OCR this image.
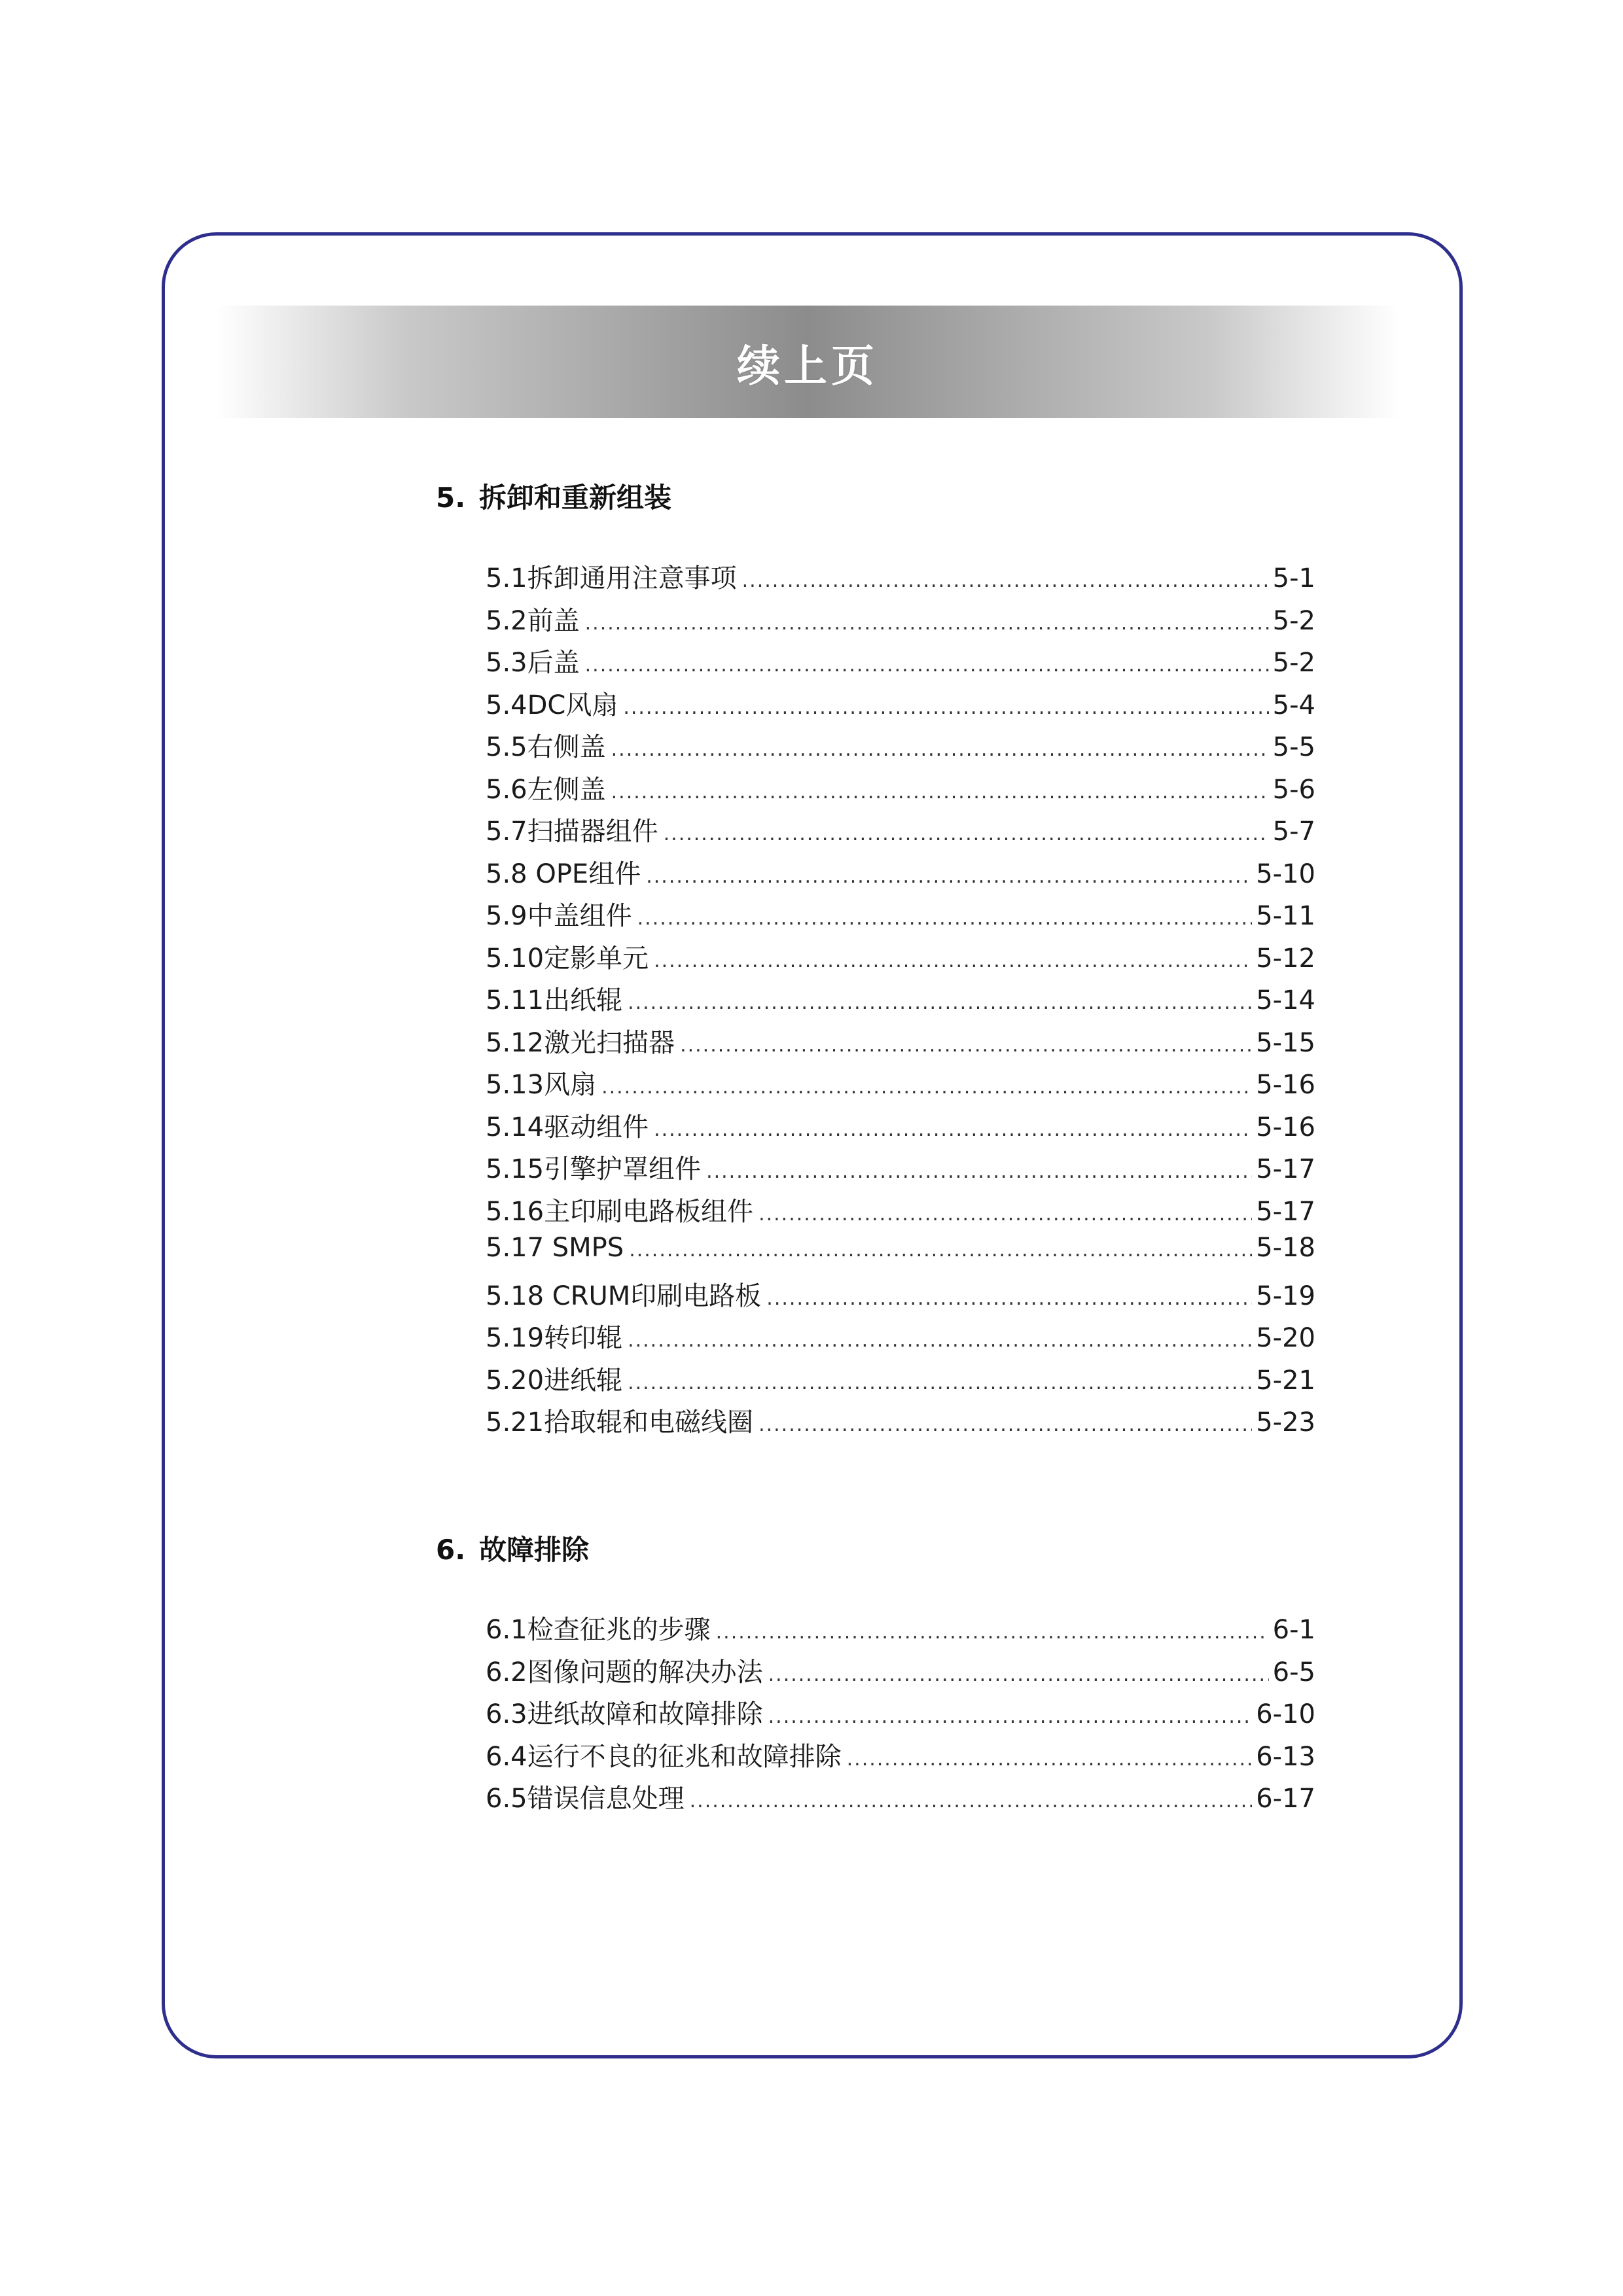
续上页
5. 拆卸和重新组装
5.1拆卸通用注意事项 .....	5-1
5.2前盖 .....	5-2
5.3后盖 .....	5-2
5.4DC风扇 .....	5-4
5.5右侧盖 .....	5-5
5.6左侧盖 .....	5-6
5.7扫描器组件 .....	5-7
5.8 OPE组件 .....	5-10
5.9中盖组件 .....	5-11
5.10定影单元 .....	5-12
5.11出纸辊 .....	5-14
5.12激光扫描器 .....	5-15
5.13风扇 .....	5-16
5.14驱动组件 .....	5-16
5.15引擎护罩组件 .....	5-17
5.16主印刷电路板组件 .....	5-17
5.17 SMPS .....	5-18
5.18 CRUM印刷电路板 .....	5-19
5.19转印辊 .....	5-20
5.20进纸辊 .....	5-21
5.21拾取辊和电磁线圈 .....	5-23
6. 故障排除
6.1检查征兆的步骤 .....	6-1
6.2图像问题的解决办法 .....	6-5
6.3进纸故障和故障排除 .....	6-10
6.4运行不良的征兆和故障排除 .....	6-13
6.5错误信息处理 .....	6-17
